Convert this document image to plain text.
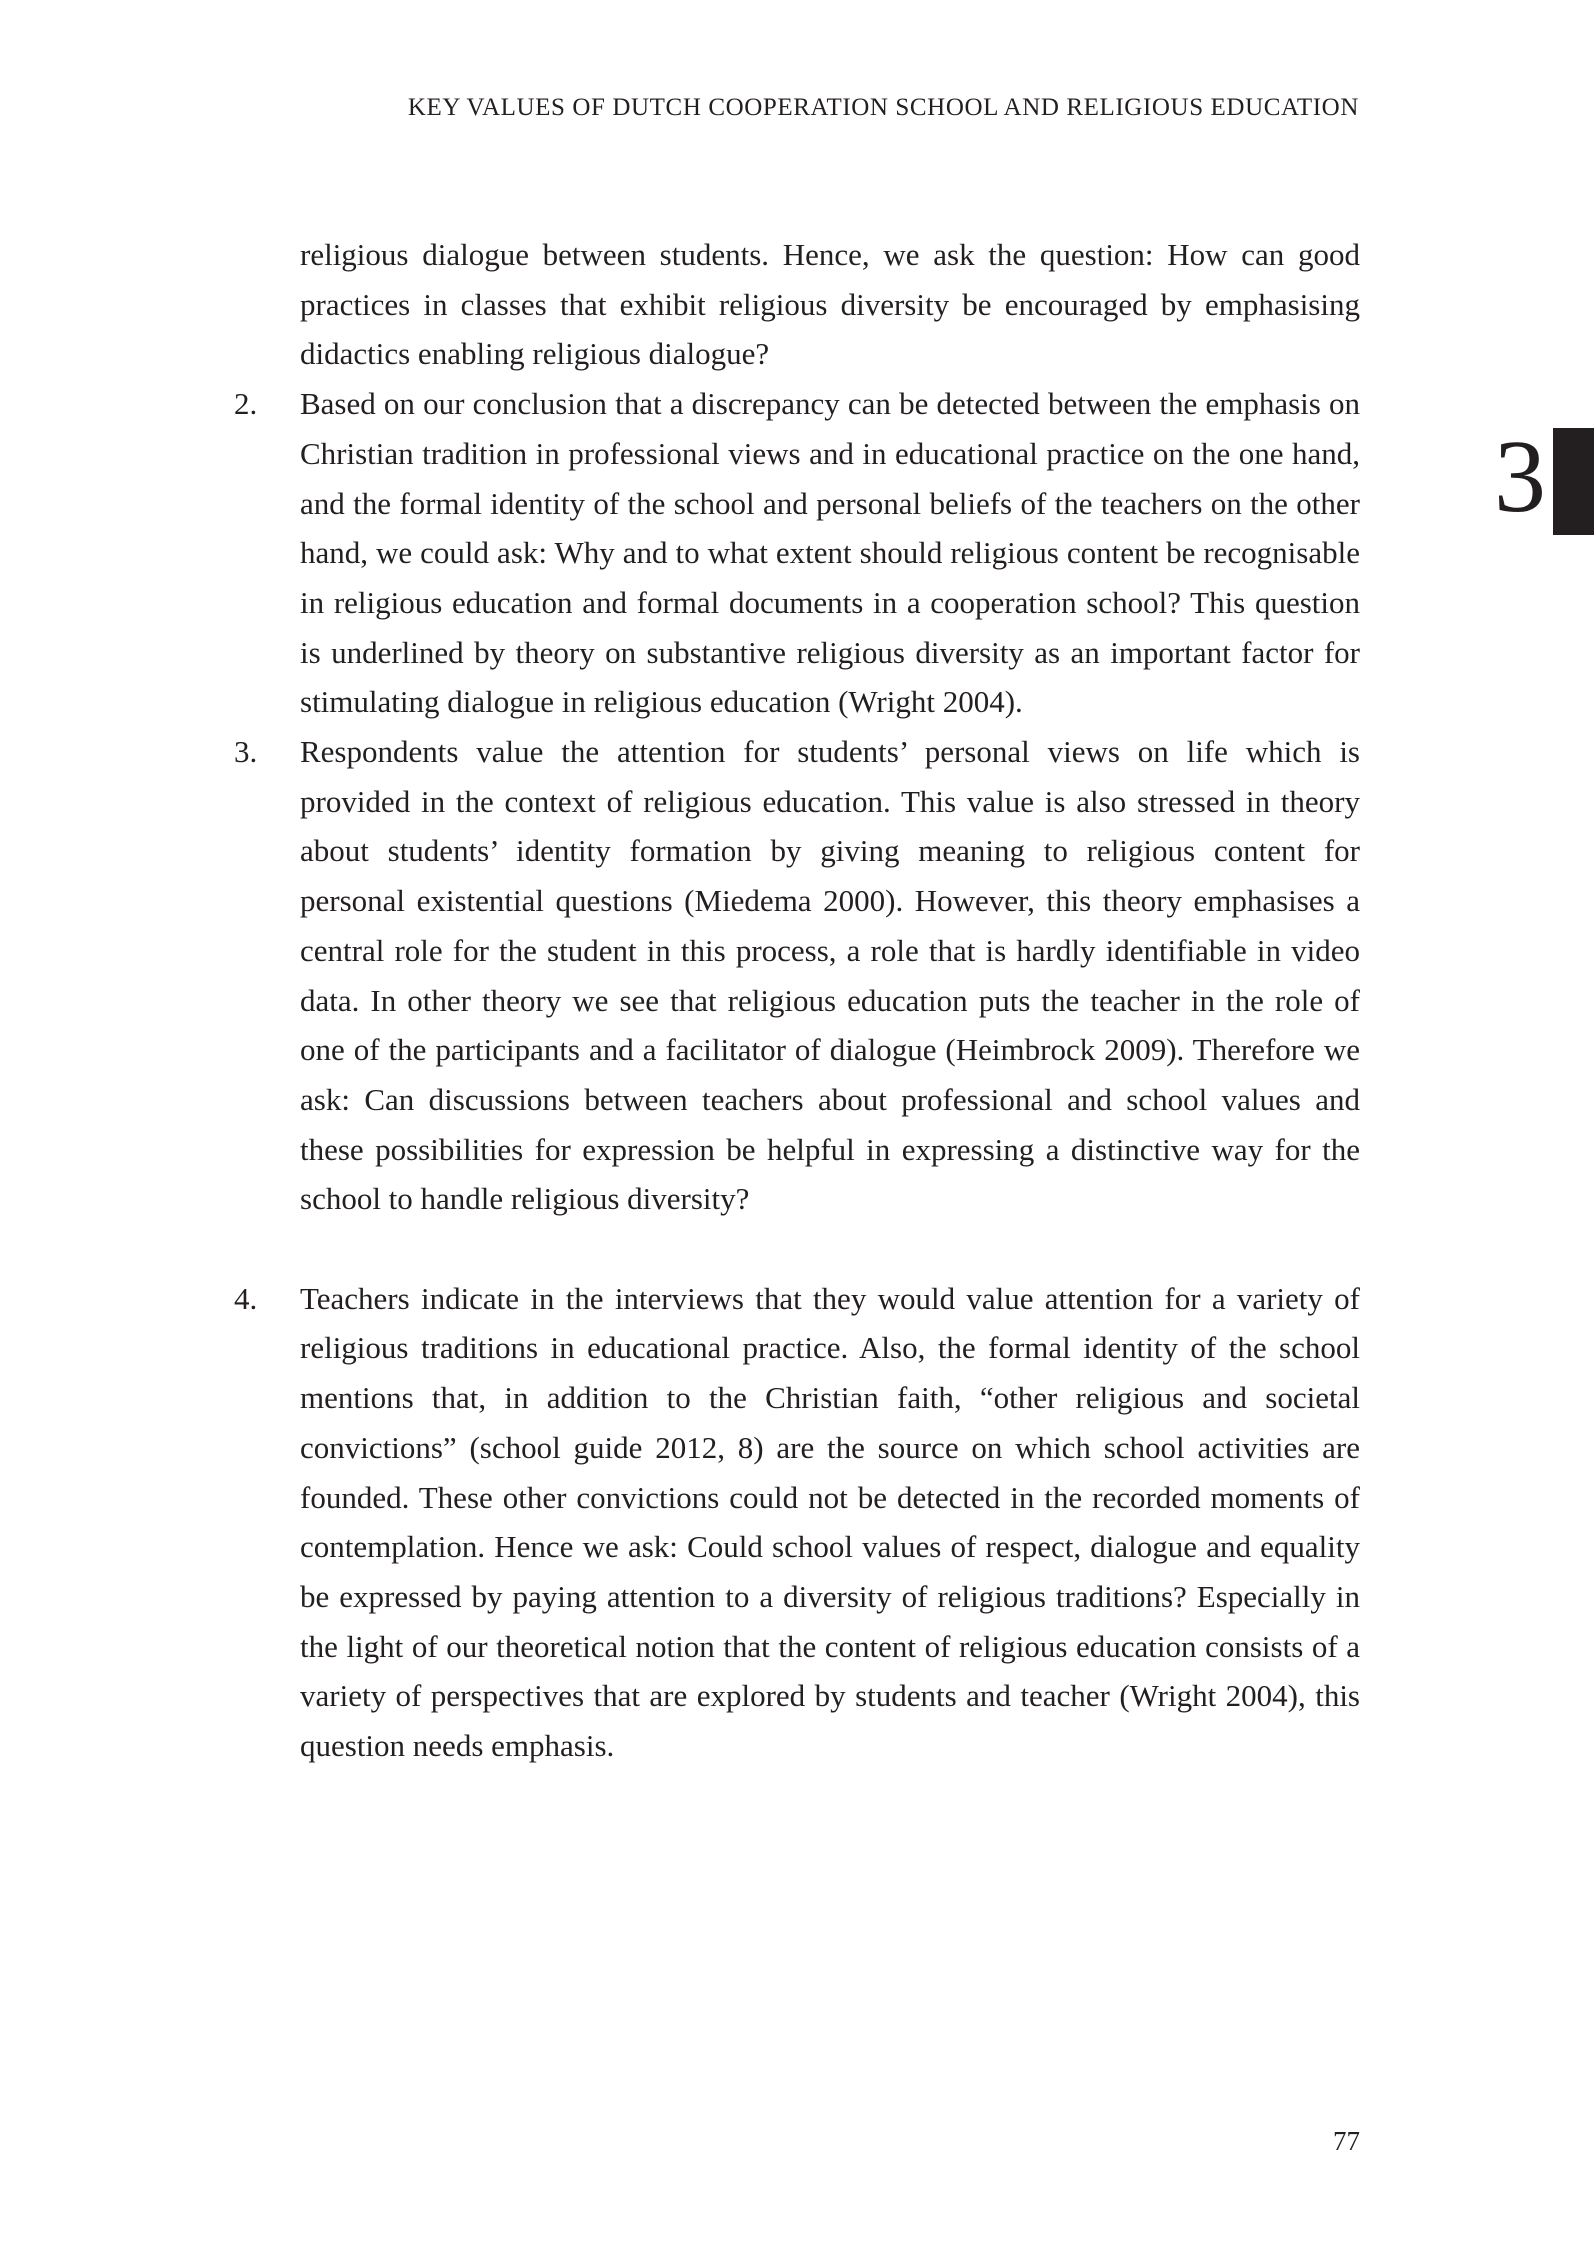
KEY VALUES OF DUTCH COOPERATION SCHOOL AND RELIGIOUS EDUCATION
3

religious dialogue between students. Hence, we ask the question: How can good practices in classes that exhibit religious diversity be encouraged by emphasising didactics enabling religious dialogue?

2.	Based on our conclusion that a discrepancy can be detected between the emphasis on Christian tradition in professional views and in educational practice on the one hand, and the formal identity of the school and personal beliefs of the teachers on the other hand, we could ask: Why and to what extent should religious content be recognisable in religious education and formal documents in a cooperation school? This question is underlined by theory on substantive religious diversity as an important factor for stimulating dialogue in religious education (Wright 2004).
3.	Respondents value the attention for students’ personal views on life which is provided in the context of religious education. This value is also stressed in theory about students’ identity formation by giving meaning to religious content for personal existential questions (Miedema 2000). However, this theory emphasises a central role for the student in this process, a role that is hardly identifiable in video data. In other theory we see that religious education puts the teacher in the role of one of the participants and a facilitator of dialogue (Heimbrock 2009). Therefore we ask: Can discussions between teachers about professional and school values and these possibilities for expression be helpful in expressing a distinctive way for the school to handle religious diversity?
4.	Teachers indicate in the interviews that they would value attention for a variety of religious traditions in educational practice. Also, the formal identity of the school mentions that, in addition to the Christian faith, “other religious and societal convictions” (school guide 2012, 8) are the source on which school activities are founded. These other convictions could not be detected in the recorded moments of contemplation. Hence we ask: Could school values of respect, dialogue and equality be expressed by paying attention to a diversity of religious traditions? Especially in the light of our theoretical notion that the content of religious education consists of a variety of perspectives that are explored by students and teacher (Wright 2004), this question needs emphasis.
77
